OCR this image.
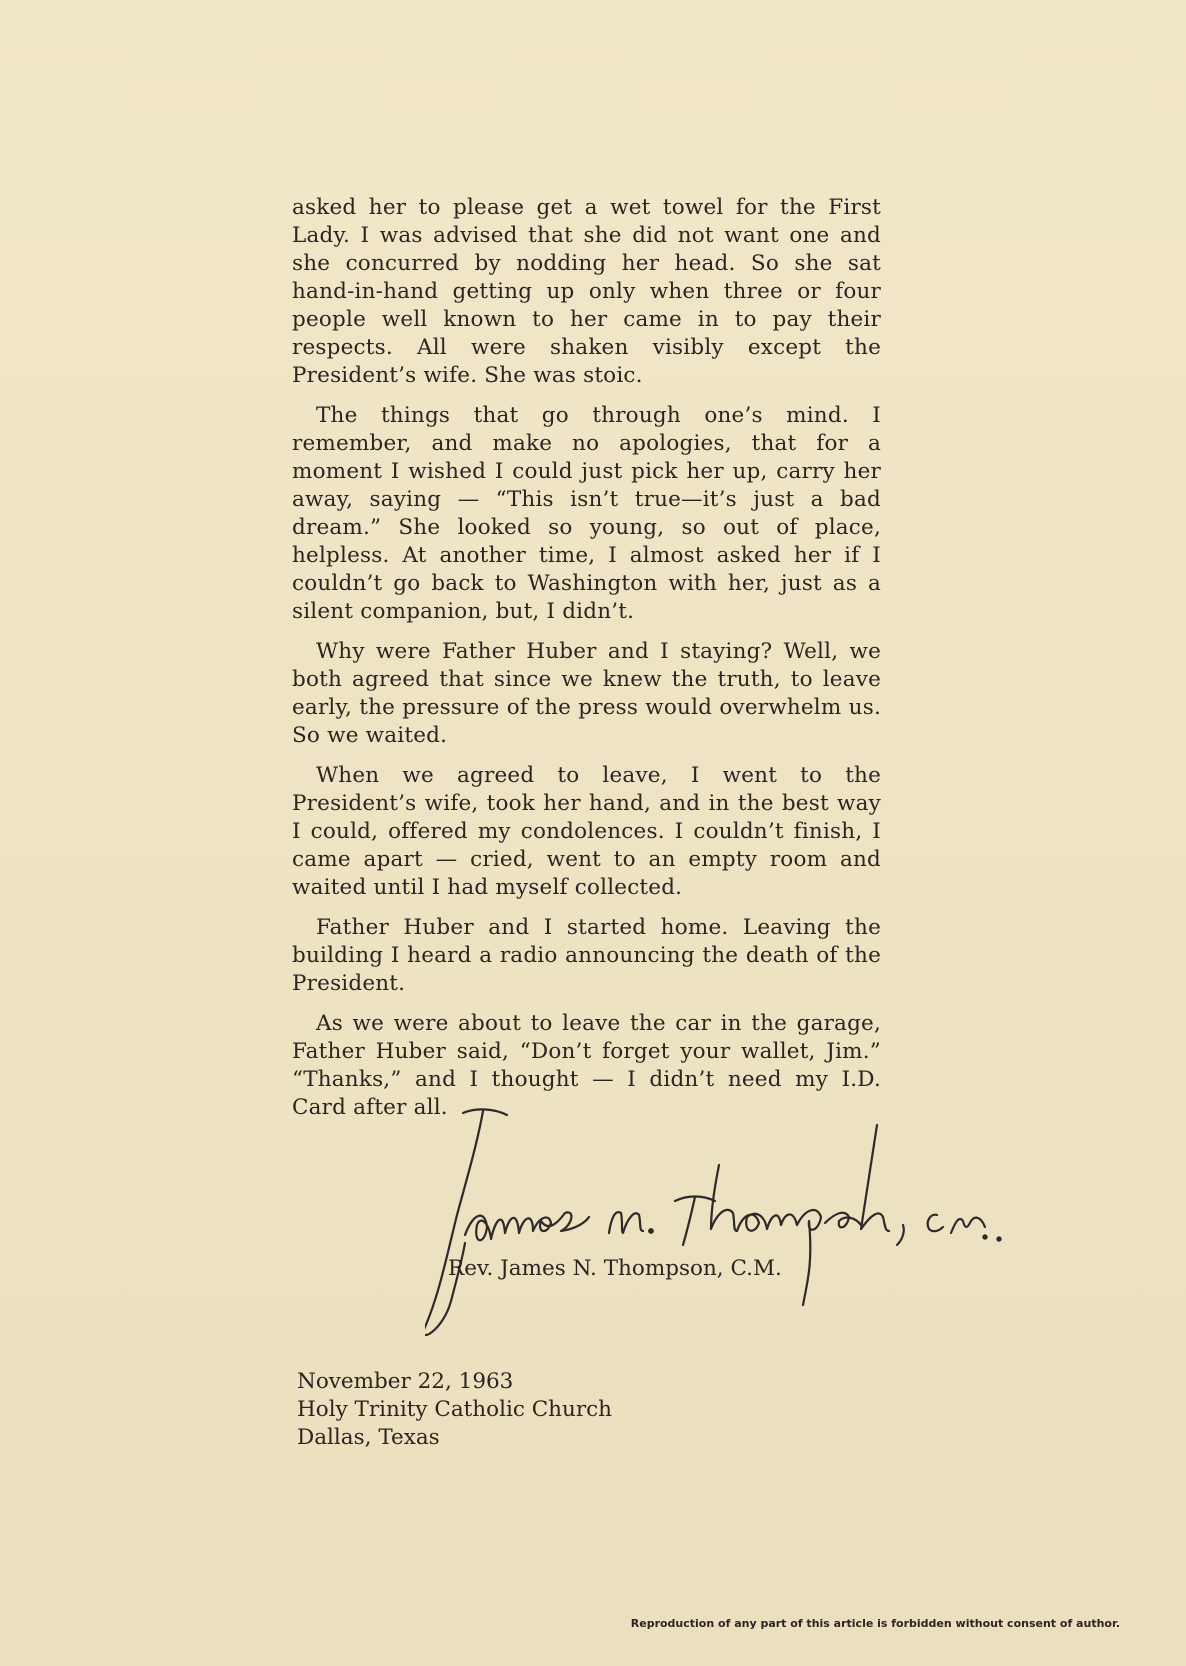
asked her to please get a wet towel for the First Lady. I was advised that she did not want one and she concurred by nodding her head. So she sat hand-in-hand getting up only when three or four people well known to her came in to pay their respects. All were shaken visibly except the President’s wife. She was stoic.

The things that go through one’s mind. I remember, and make no apologies, that for a moment I wished I could just pick her up, carry her away, saying — “This isn’t true—it’s just a bad dream.” She looked so young, so out of place, helpless. At another time, I almost asked her if I couldn’t go back to Washington with her, just as a silent companion, but, I didn’t.

Why were Father Huber and I staying? Well, we both agreed that since we knew the truth, to leave early, the pressure of the press would overwhelm us. So we waited.

When we agreed to leave, I went to the President’s wife, took her hand, and in the best way I could, offered my condolences. I couldn’t finish, I came apart — cried, went to an empty room and waited until I had myself collected.

Father Huber and I started home. Leaving the building I heard a radio announcing the death of the President.

As we were about to leave the car in the garage, Father Huber said, “Don’t forget your wallet, Jim.” “Thanks,” and I thought — I didn’t need my I.D. Card after all.

Rev. James N. Thompson, C.M.
November 22, 1963
Holy Trinity Catholic Church
Dallas, Texas
Reproduction of any part of this article is forbidden without consent of author.
